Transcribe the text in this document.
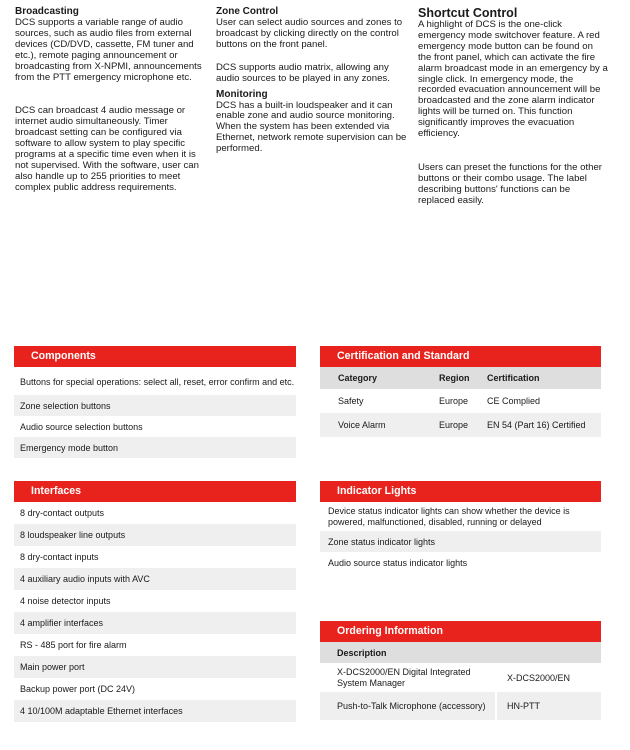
Broadcasting

DCS supports a variable range of audio sources, such as audio files from external devices (CD/DVD, cassette, FM tuner and etc.), remote paging announcement or broadcasting from X-NPMI, announcements from the PTT emergency microphone etc.

DCS can broadcast 4 audio message or internet audio simultaneously. Timer broadcast setting can be configured via software to allow system to play specific programs at a specific time even when it is not supervised. With the software, user can also handle up to 255 priorities to meet complex public address requirements.

Zone Control

User can select audio sources and zones to broadcast by clicking directly on the control buttons on the front panel.

DCS supports audio matrix, allowing any audio sources to be played in any zones.

Monitoring

DCS has a built-in loudspeaker and it can enable zone and audio source monitoring. When the system has been extended via Ethernet, network remote supervision can be performed.

Shortcut Control

A highlight of DCS is the one-click emergency mode switchover feature. A red emergency mode button can be found on the front panel, which can activate the fire alarm broadcast mode in an emergency by a single click. In emergency mode, the recorded evacuation announcement will be broadcasted and the zone alarm indicator lights will be turned on. This function significantly improves the evacuation efficiency.

Users can preset the functions for the other buttons or their combo usage. The label describing buttons' functions can be replaced easily.

Components
Buttons for special operations: select all, reset, error confirm and etc.
Zone selection buttons
Audio source selection buttons
Emergency mode button
Interfaces
8 dry-contact outputs
8 loudspeaker line outputs
8 dry-contact inputs
4 auxiliary audio inputs with AVC
4 noise detector inputs
4 amplifier interfaces
RS - 485 port for fire alarm
Main power port
Backup power port (DC 24V)
4 10/100M adaptable Ethernet interfaces
Certification and Standard
Category	Region	Certification
Safety	Europe	CE Complied
Voice Alarm	Europe	EN 54 (Part 16) Certified
Indicator Lights
Device status indicator lights can show whether the device is powered, malfunctioned, disabled, running or delayed
Zone status indicator lights
Audio source status indicator lights
Ordering Information
Description	
X-DCS2000/EN Digital Integrated System Manager	X-DCS2000/EN
Push-to-Talk Microphone (accessory)	HN-PTT
